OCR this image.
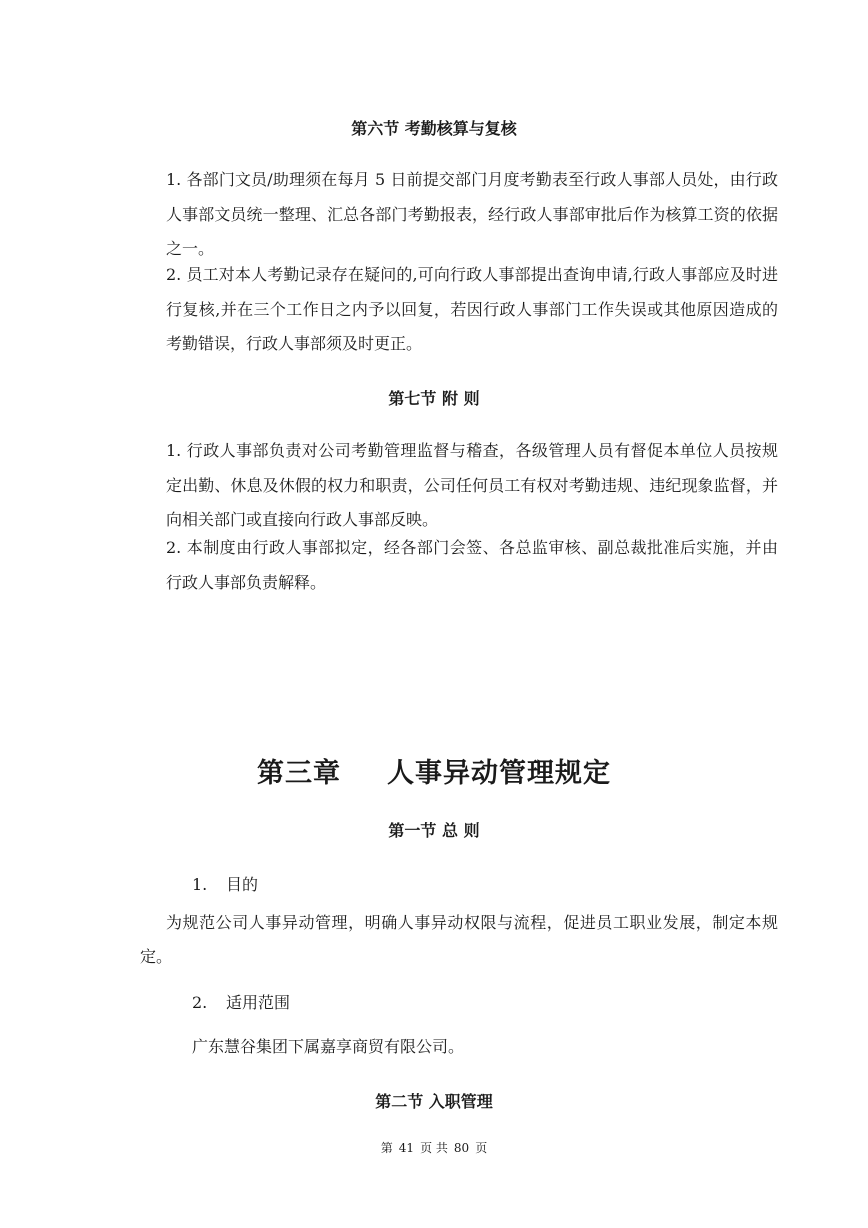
第六节 考勤核算与复核

1. 各部门文员/助理须在每月 5 日前提交部门月度考勤表至行政人事部人员处，由行政人事部文员统一整理、汇总各部门考勤报表，经行政人事部审批后作为核算工资的依据之一。

2. 员工对本人考勤记录存在疑问的,可向行政人事部提出查询申请,行政人事部应及时进行复核,并在三个工作日之内予以回复，若因行政人事部门工作失误或其他原因造成的考勤错误，行政人事部须及时更正。

第七节 附 则

1. 行政人事部负责对公司考勤管理监督与稽查，各级管理人员有督促本单位人员按规定出勤、休息及休假的权力和职责，公司任何员工有权对考勤违规、违纪现象监督，并向相关部门或直接向行政人事部反映。

2. 本制度由行政人事部拟定，经各部门会签、各总监审核、副总裁批准后实施，并由行政人事部负责解释。

第三章 人事异动管理规定
第一节 总 则

1. 目的

为规范公司人事异动管理，明确人事异动权限与流程，促进员工职业发展，制定本规定。

2. 适用范围

广东慧谷集团下属嘉享商贸有限公司。

第二节 入职管理

第 41 页 共 80 页
